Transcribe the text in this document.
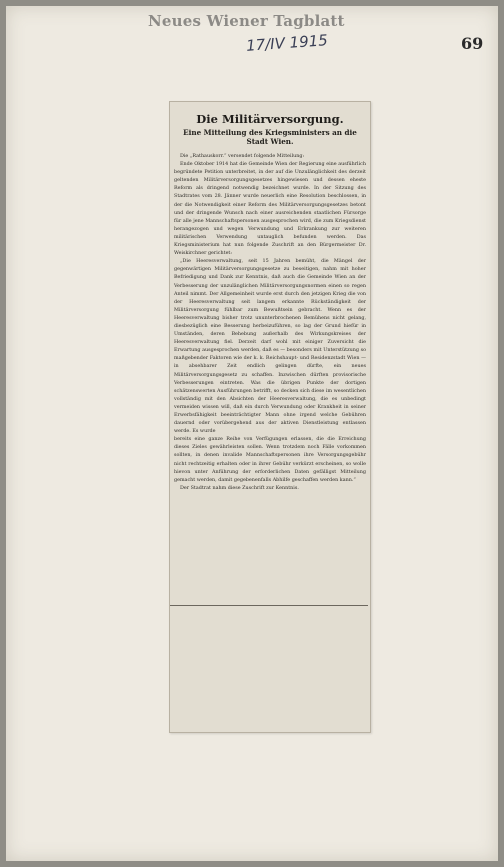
Neues Wiener Tagblatt
17/IV 1915	69
Die Militärversorgung.
Eine Mitteilung des Kriegsministers an die Stadt Wien.

Die „Rathauskorr.“ versendet folgende Mitteilung:

Ende Oktober 1914 hat die Gemeinde Wien der Regierung eine ausführlich begründete Petition unterbreitet, in der auf die Unzulänglichkeit des derzeit geltenden Militärversorgungsgesetzes hingewiesen und dessen ehestе Reform als dringend notwendig bezeichnet wurde. In der Sitzung des Stadtrates vom 28. Jänner wurde neuerlich eine Resolution beschlossen, in der die Notwendigkeit einer Reform des Militärversorgungsgesetzes betont und der dringende Wunsch nach einer ausreichenden staatlichen Fürsorge für alle jene Mannschaftspersonen ausgesprochen wird, die zum Kriegsdienst herangezogen und wegen Verwundung und Erkrankung zur weiteren militärischen Verwendung untauglich befunden werden. Das Kriegsministerium hat nun folgende Zuschrift an den Bürgermeister Dr. Weiskirchner gerichtet:

„Die Heeresverwaltung, seit 15 Jahren bemüht, die Mängel der gegenwärtigen Militärversorgungsgesetze zu beseitigen, nahm mit hoher Befriedigung und Dank zur Kenntnis, daß auch die Gemeinde Wien an der Verbesserung der unzulänglichen Militärversorgungsnormen einen so regen Anteil nimmt. Der Allgemeinheit wurde erst durch den jetzigen Krieg die von der Heeresverwaltung seit langem erkannte Rückständigkeit der Militärversorgung fühlbar zum Bewußtsein gebracht. Wenn es der Heeresverwaltung bisher trotz ununterbrochenen Bemühens nicht gelang, diesbezüglich eine Besserung herbeizuführen, so lag der Grund hiefür in Umständen, deren Behebung außerhalb des Wirkungskreises der Heeresverwaltung fiel. Derzeit darf wohl mit einiger Zuversicht die Erwartung ausgesprochen werden, daß es — besonders mit Unterstützung so maßgebender Faktoren wie der k. k. Reichshaupt- und Residenzstadt Wien — in absehbarer Zeit endlich gelingen dürfte, ein neues Militärversorgungsgesetz zu schaffen. Inzwischen dürften provisorische Verbesserungen eintreten. Was die übrigen Punkte der dortigen schätzenswerten Ausführungen betrifft, so decken sich diese im wesentlichen vollständig mit den Absichten der Heeresverwaltung, die es unbedingt vermeiden wissen will, daß ein durch Verwundung oder Krankheit in seiner Erwerbsfähigkeit beeinträchtigter Mann ohne irgend welche Gebühren dauernd oder vorübergehend aus der aktiven Dienstleistung entlassen werde. Es wurde

bereits eine ganze Reihe von Verfügungen erlassen, die die Erreichung dieses Zieles gewährleisten sollen. Wenn trotzdem noch Fälle vorkommen sollten, in denen invalide Mannschaftspersonen ihre Versorgungsgebühr nicht rechtzeitig erhalten oder in ihrer Gebühr verkürzt erscheinen, so wolle hievon unter Anführung der erforderlichen Daten gefälligst Mitteilung gemacht werden, damit gegebenenfalls Abhilfe geschaffen werden kann.“

Der Stadtrat nahm diese Zuschrift zur Kenntnis.
